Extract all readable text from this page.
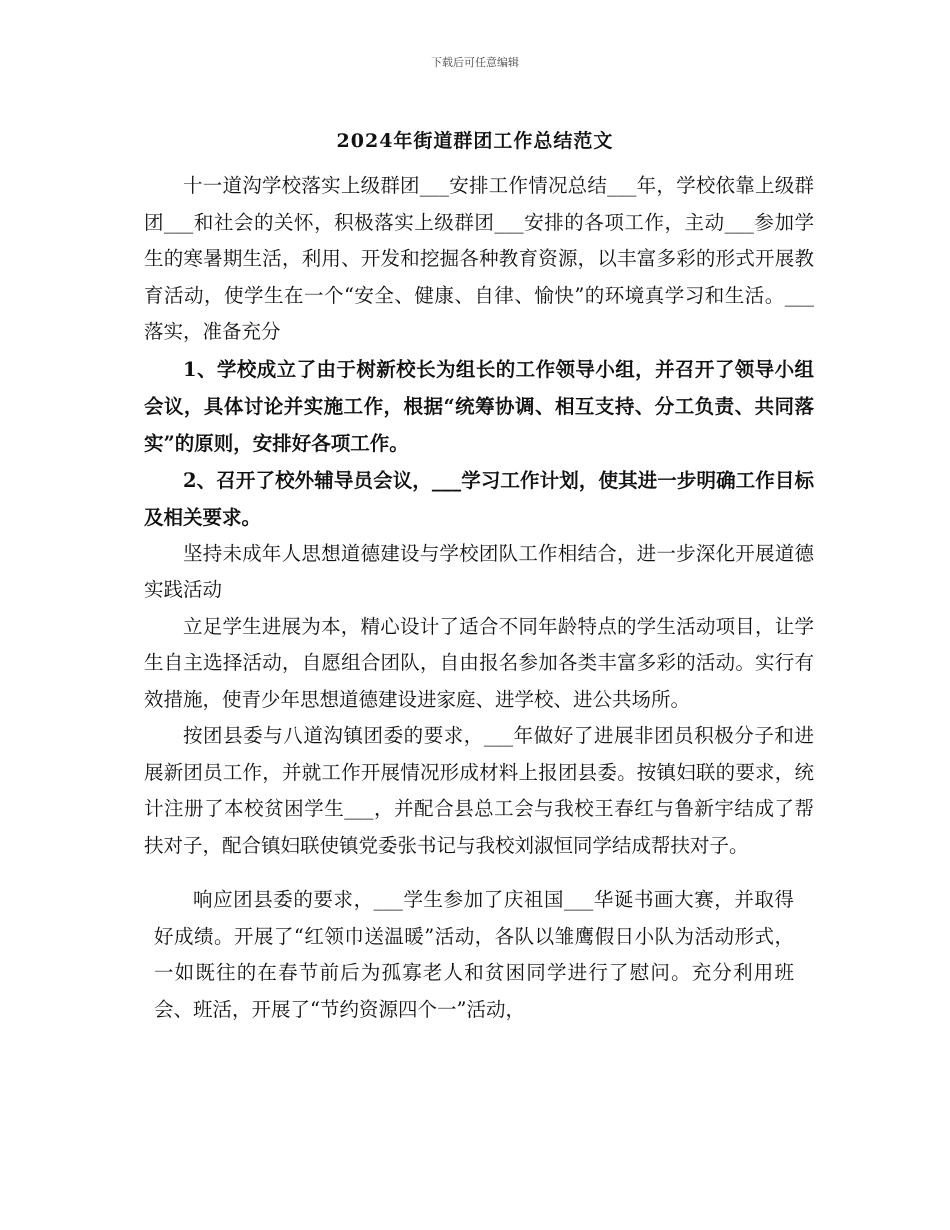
下载后可任意编辑
2024年街道群团工作总结范文

十一道沟学校落实上级群团___安排工作情况总结___年，学校依靠上级群团___和社会的关怀，积极落实上级群团___安排的各项工作，主动___参加学生的寒暑期生活，利用、开发和挖掘各种教育资源，以丰富多彩的形式开展教育活动，使学生在一个“安全、健康、自律、愉快”的环境真学习和生活。___落实，准备充分

1、学校成立了由于树新校长为组长的工作领导小组，并召开了领导小组会议，具体讨论并实施工作，根据“统筹协调、相互支持、分工负责、共同落实”的原则，安排好各项工作。

2、召开了校外辅导员会议，___学习工作计划，使其进一步明确工作目标及相关要求。

坚持未成年人思想道德建设与学校团队工作相结合，进一步深化开展道德实践活动

立足学生进展为本，精心设计了适合不同年龄特点的学生活动项目，让学生自主选择活动，自愿组合团队，自由报名参加各类丰富多彩的活动。实行有效措施，使青少年思想道德建设进家庭、进学校、进公共场所。

按团县委与八道沟镇团委的要求，___年做好了进展非团员积极分子和进展新团员工作，并就工作开展情况形成材料上报团县委。按镇妇联的要求，统计注册了本校贫困学生___，并配合县总工会与我校王春红与鲁新宇结成了帮扶对子，配合镇妇联使镇党委张书记与我校刘淑恒同学结成帮扶对子。

响应团县委的要求，___学生参加了庆祖国___华诞书画大赛，并取得好成绩。开展了“红领巾送温暖”活动，各队以雏鹰假日小队为活动形式，一如既往的在春节前后为孤寡老人和贫困同学进行了慰问。充分利用班会、班活，开展了“节约资源四个一”活动，
